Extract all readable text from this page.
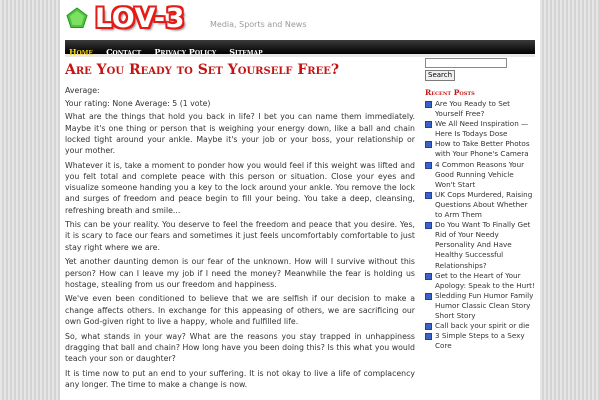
LOV-3	Media, Sports and News
Home Contact Privacy Policy Sitemap
Are You Ready to Set Yourself Free?

Average:

Your rating: None Average: 5 (1 vote)

What are the things that hold you back in life? I bet you can name them immediately. Maybe it's one thing or person that is weighing your energy down, like a ball and chain locked tight around your ankle. Maybe it's your job or your boss, your relationship or your mother.

Whatever it is, take a moment to ponder how you would feel if this weight was lifted and you felt total and complete peace with this person or situation. Close your eyes and visualize someone handing you a key to the lock around your ankle. You remove the lock and surges of freedom and peace begin to fill your being. You take a deep, cleansing, refreshing breath and smile...

This can be your reality. You deserve to feel the freedom and peace that you desire. Yes, it is scary to face our fears and sometimes it just feels uncomfortably comfortable to just stay right where we are.

Yet another daunting demon is our fear of the unknown. How will I survive without this person? How can I leave my job if I need the money? Meanwhile the fear is holding us hostage, stealing from us our freedom and happiness.

We've even been conditioned to believe that we are selfish if our decision to make a change affects others. In exchange for this appeasing of others, we are sacrificing our own God-given right to live a happy, whole and fulfilled life.

So, what stands in your way? What are the reasons you stay trapped in unhappiness dragging that ball and chain? How long have you been doing this? Is this what you would teach your son or daughter?

It is time now to put an end to your suffering. It is not okay to live a life of complacency any longer. The time to make a change is now.

Search
Recent Posts
Are You Ready to Set Yourself Free?
We All Need Inspiration — Here Is Todays Dose
How to Take Better Photos with Your Phone's Camera
4 Common Reasons Your Good Running Vehicle Won't Start
UK Cops Murdered, Raising Questions About Whether to Arm Them
Do You Want To Finally Get Rid of Your Needy Personality And Have Healthy Successful Relationships?
Get to the Heart of Your Apology: Speak to the Hurt!
Sledding Fun Humor Family Humor Classic Clean Story Short Story
Call back your spirit or die
3 Simple Steps to a Sexy Core
